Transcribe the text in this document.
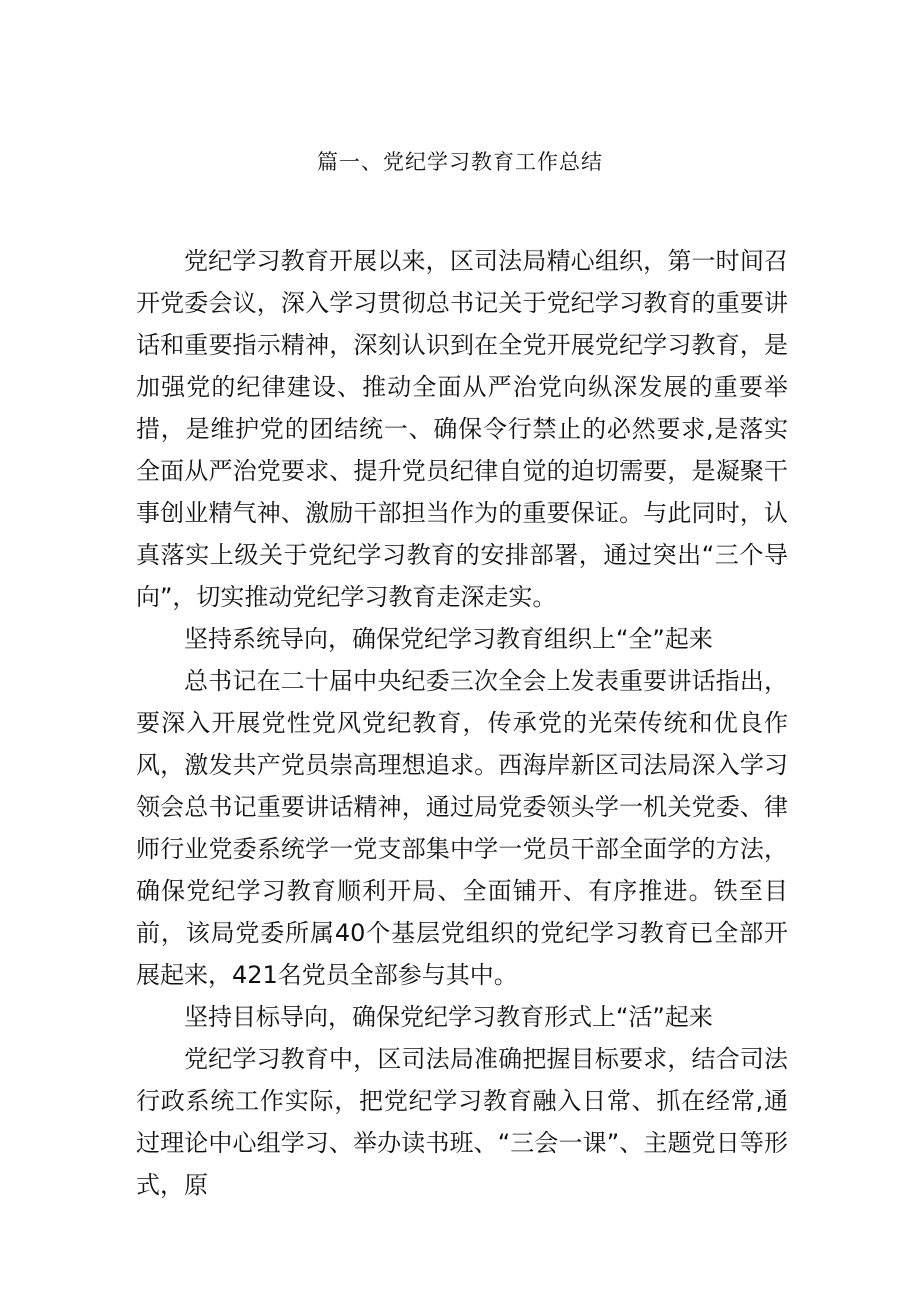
篇一、党纪学习教育工作总结

党纪学习教育开展以来，区司法局精心组织，第一时间召开党委会议，深入学习贯彻总书记关于党纪学习教育的重要讲话和重要指示精神，深刻认识到在全党开展党纪学习教育，是加强党的纪律建设、推动全面从严治党向纵深发展的重要举措，是维护党的团结统一、确保令行禁止的必然要求,是落实全面从严治党要求、提升党员纪律自觉的迫切需要，是凝聚干事创业精气神、激励干部担当作为的重要保证。与此同时，认真落实上级关于党纪学习教育的安排部署，通过突出“三个导向”，切实推动党纪学习教育走深走实。

坚持系统导向，确保党纪学习教育组织上“全”起来

总书记在二十届中央纪委三次全会上发表重要讲话指出，要深入开展党性党风党纪教育，传承党的光荣传统和优良作风，激发共产党员崇高理想追求。西海岸新区司法局深入学习领会总书记重要讲话精神，通过局党委领头学一机关党委、律师行业党委系统学一党支部集中学一党员干部全面学的方法，确保党纪学习教育顺利开局、全面铺开、有序推进。铁至目前，该局党委所属40个基层党组织的党纪学习教育已全部开展起来，421名党员全部参与其中。

坚持目标导向，确保党纪学习教育形式上“活”起来

党纪学习教育中，区司法局准确把握目标要求，结合司法行政系统工作实际，把党纪学习教育融入日常、抓在经常,通过理论中心组学习、举办读书班、“三会一课”、主题党日等形式，原
